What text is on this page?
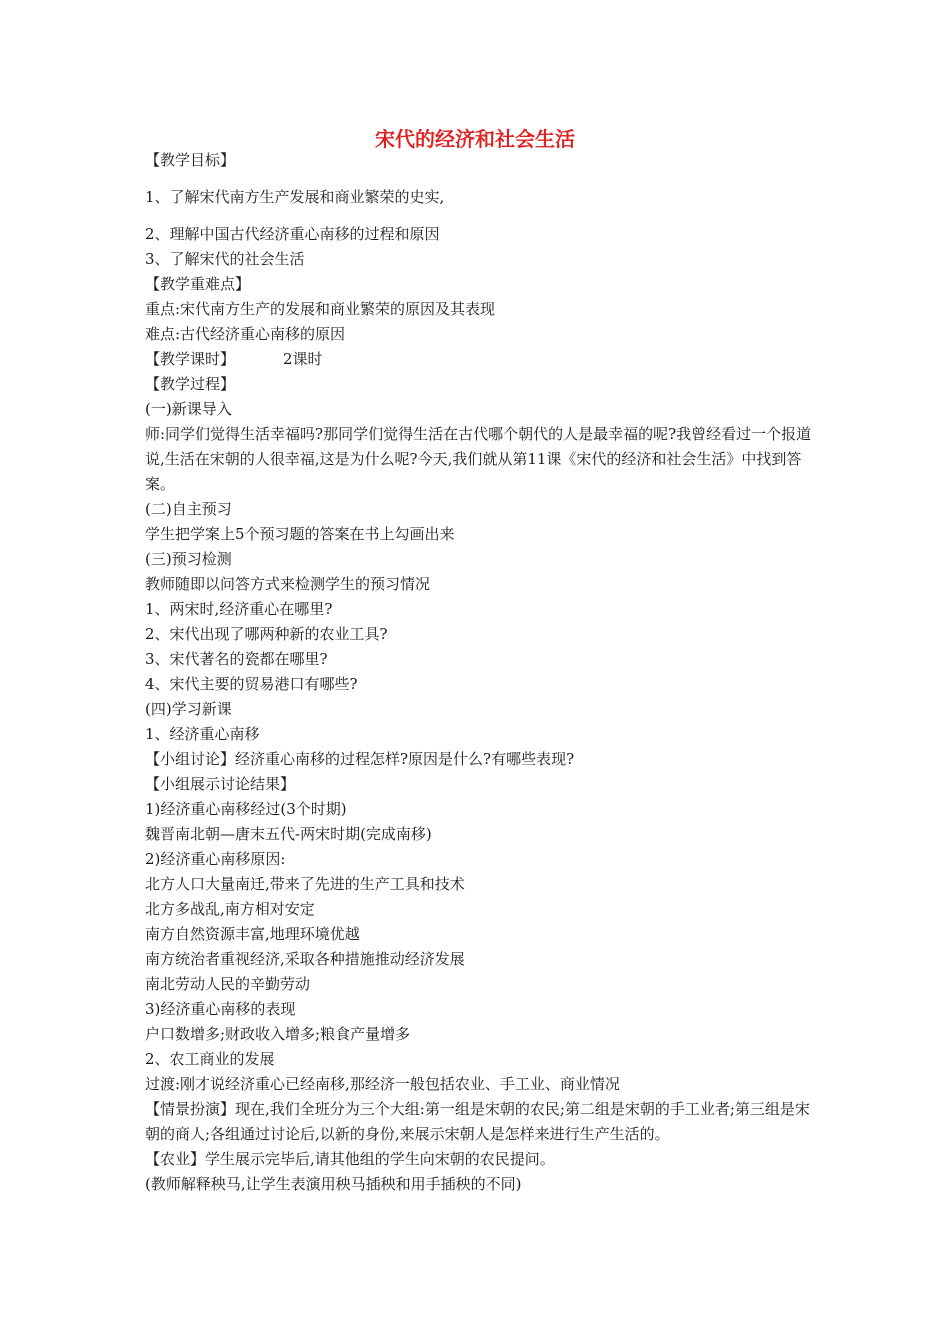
宋代的经济和社会生活

【教学目标】

1、了解宋代南方生产发展和商业繁荣的史实,

2、理解中国古代经济重心南移的过程和原因

3、了解宋代的社会生活

【教学重难点】

重点:宋代南方生产的发展和商业繁荣的原因及其表现

难点:古代经济重心南移的原因

【教学课时】	2课时

【教学过程】

(一)新课导入

师:同学们觉得生活幸福吗?那同学们觉得生活在古代哪个朝代的人是最幸福的呢?我曾经看过一个报道说,生活在宋朝的人很幸福,这是为什么呢?今天,我们就从第11课《宋代的经济和社会生活》中找到答案。

(二)自主预习

学生把学案上5个预习题的答案在书上勾画出来

(三)预习检测

教师随即以问答方式来检测学生的预习情况

1、两宋时,经济重心在哪里?

2、宋代出现了哪两种新的农业工具?

3、宋代著名的瓷都在哪里?

4、宋代主要的贸易港口有哪些?

(四)学习新课

1、经济重心南移

【小组讨论】经济重心南移的过程怎样?原因是什么?有哪些表现?

【小组展示讨论结果】

1)经济重心南移经过(3个时期)

魏晋南北朝—唐末五代-两宋时期(完成南移)

2)经济重心南移原因:

北方人口大量南迁,带来了先进的生产工具和技术

北方多战乱,南方相对安定

南方自然资源丰富,地理环境优越

南方统治者重视经济,采取各种措施推动经济发展

南北劳动人民的辛勤劳动

3)经济重心南移的表现

户口数增多;财政收入增多;粮食产量增多

2、农工商业的发展

过渡:刚才说经济重心已经南移,那经济一般包括农业、手工业、商业情况

【情景扮演】现在,我们全班分为三个大组:第一组是宋朝的农民;第二组是宋朝的手工业者;第三组是宋朝的商人;各组通过讨论后,以新的身份,来展示宋朝人是怎样来进行生产生活的。

【农业】学生展示完毕后,请其他组的学生向宋朝的农民提问。

(教师解释秧马,让学生表演用秧马插秧和用手插秧的不同)
